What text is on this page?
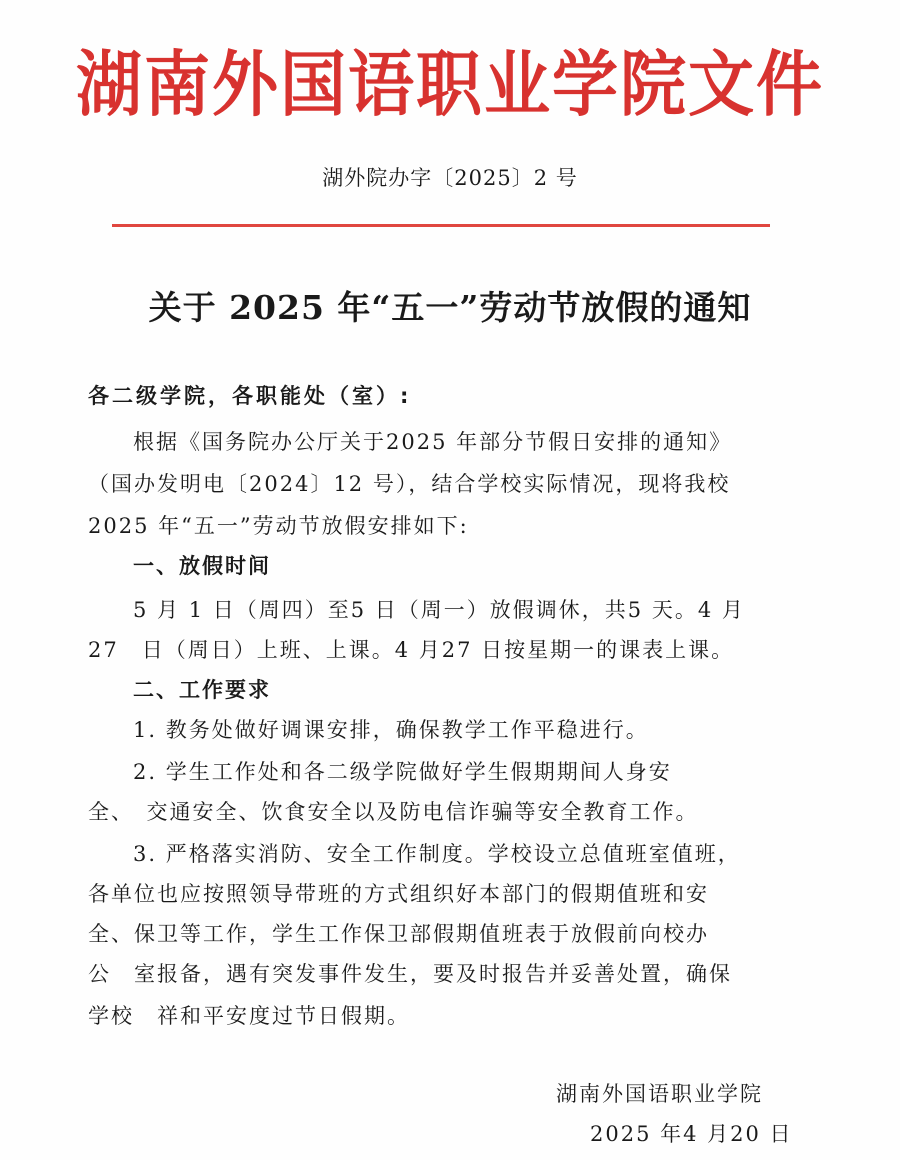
湖南外国语职业学院文件
湖外院办字〔2025〕2 号
关于 2025 年“五一”劳动节放假的通知
各二级学院，各职能处（室）:
根据《国务院办公厅关于2025 年部分节假日安排的通知》
（国办发明电〔2024〕12 号），结合学校实际情况，现将我校
2025 年“五一”劳动节放假安排如下:
一、放假时间
5 月 1 日（周四）至5 日（周一）放假调休，共5 天。4 月
27　日（周日）上班、上课。4 月27 日按星期一的课表上课。
二、工作要求
1. 教务处做好调课安排，确保教学工作平稳进行。
2. 学生工作处和各二级学院做好学生假期期间人身安
全、　交通安全、饮食安全以及防电信诈骗等安全教育工作。
3. 严格落实消防、安全工作制度。学校设立总值班室值班，
各单位也应按照领导带班的方式组织好本部门的假期值班和安
全、保卫等工作，学生工作保卫部假期值班表于放假前向校办
公　室报备，遇有突发事件发生，要及时报告并妥善处置，确保
学校　祥和平安度过节日假期。
湖南外国语职业学院
2025 年4 月20 日
